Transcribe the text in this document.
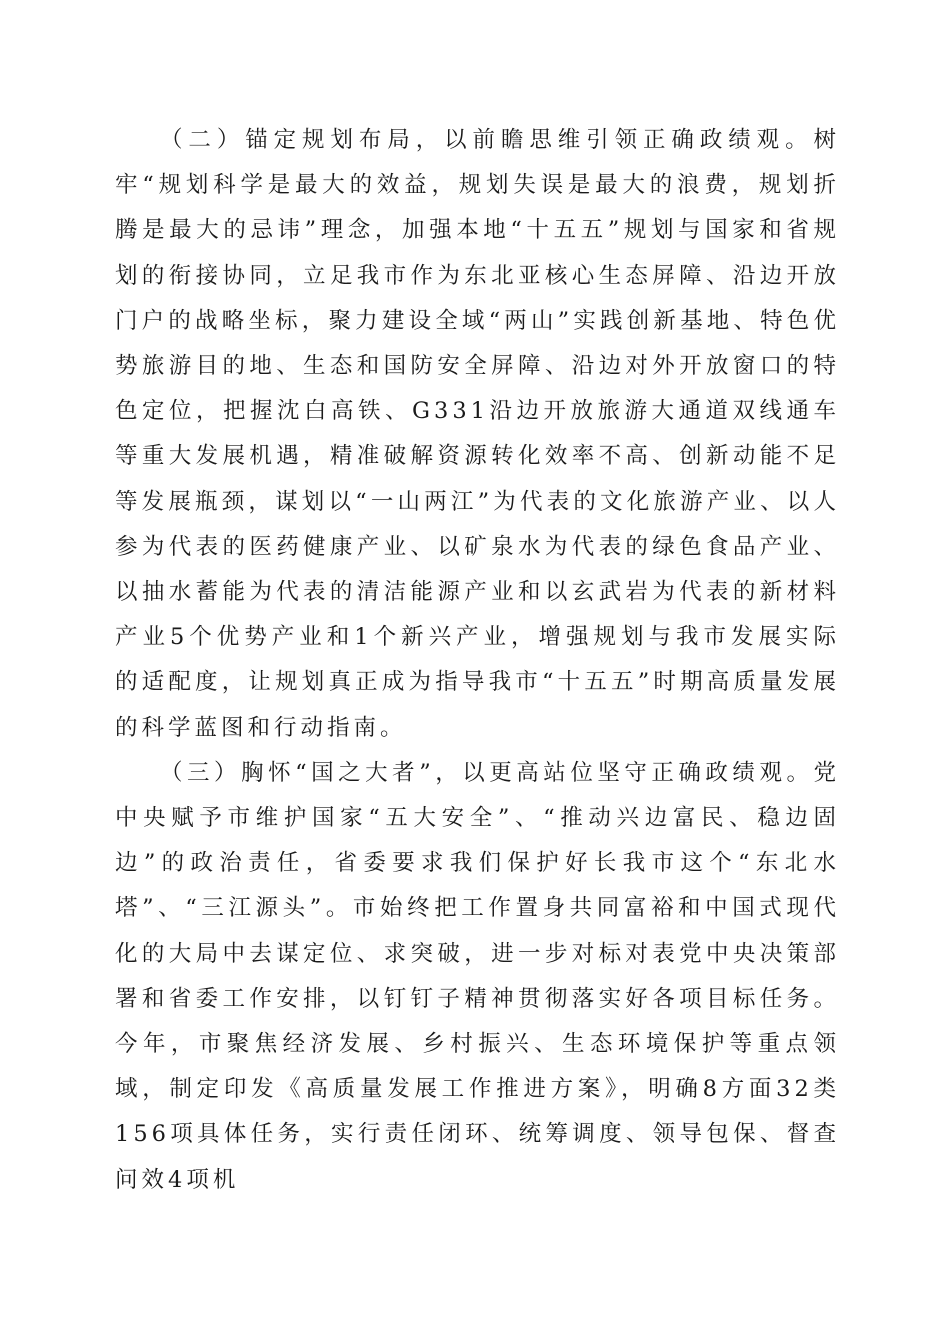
（二）锚定规划布局，以前瞻思维引领正确政绩观。树牢“规划科学是最大的效益，规划失误是最大的浪费，规划折腾是最大的忌讳”理念，加强本地“十五五”规划与国家和省规划的衔接协同，立足我市作为东北亚核心生态屏障、沿边开放门户的战略坐标，聚力建设全域“两山”实践创新基地、特色优势旅游目的地、生态和国防安全屏障、沿边对外开放窗口的特色定位，把握沈白高铁、G331沿边开放旅游大通道双线通车等重大发展机遇，精准破解资源转化效率不高、创新动能不足等发展瓶颈，谋划以“一山两江”为代表的文化旅游产业、以人参为代表的医药健康产业、以矿泉水为代表的绿色食品产业、以抽水蓄能为代表的清洁能源产业和以玄武岩为代表的新材料产业5个优势产业和1个新兴产业，增强规划与我市发展实际的适配度，让规划真正成为指导我市“十五五”时期高质量发展的科学蓝图和行动指南。

（三）胸怀“国之大者”，以更高站位坚守正确政绩观。党中央赋予市维护国家“五大安全”、“推动兴边富民、稳边固边”的政治责任，省委要求我们保护好长我市这个“东北水塔”、“三江源头”。市始终把工作置身共同富裕和中国式现代化的大局中去谋定位、求突破，进一步对标对表党中央决策部署和省委工作安排，以钉钉子精神贯彻落实好各项目标任务。今年，市聚焦经济发展、乡村振兴、生态环境保护等重点领域，制定印发《高质量发展工作推进方案》，明确8方面32类156项具体任务，实行责任闭环、统筹调度、领导包保、督查问效4项机
